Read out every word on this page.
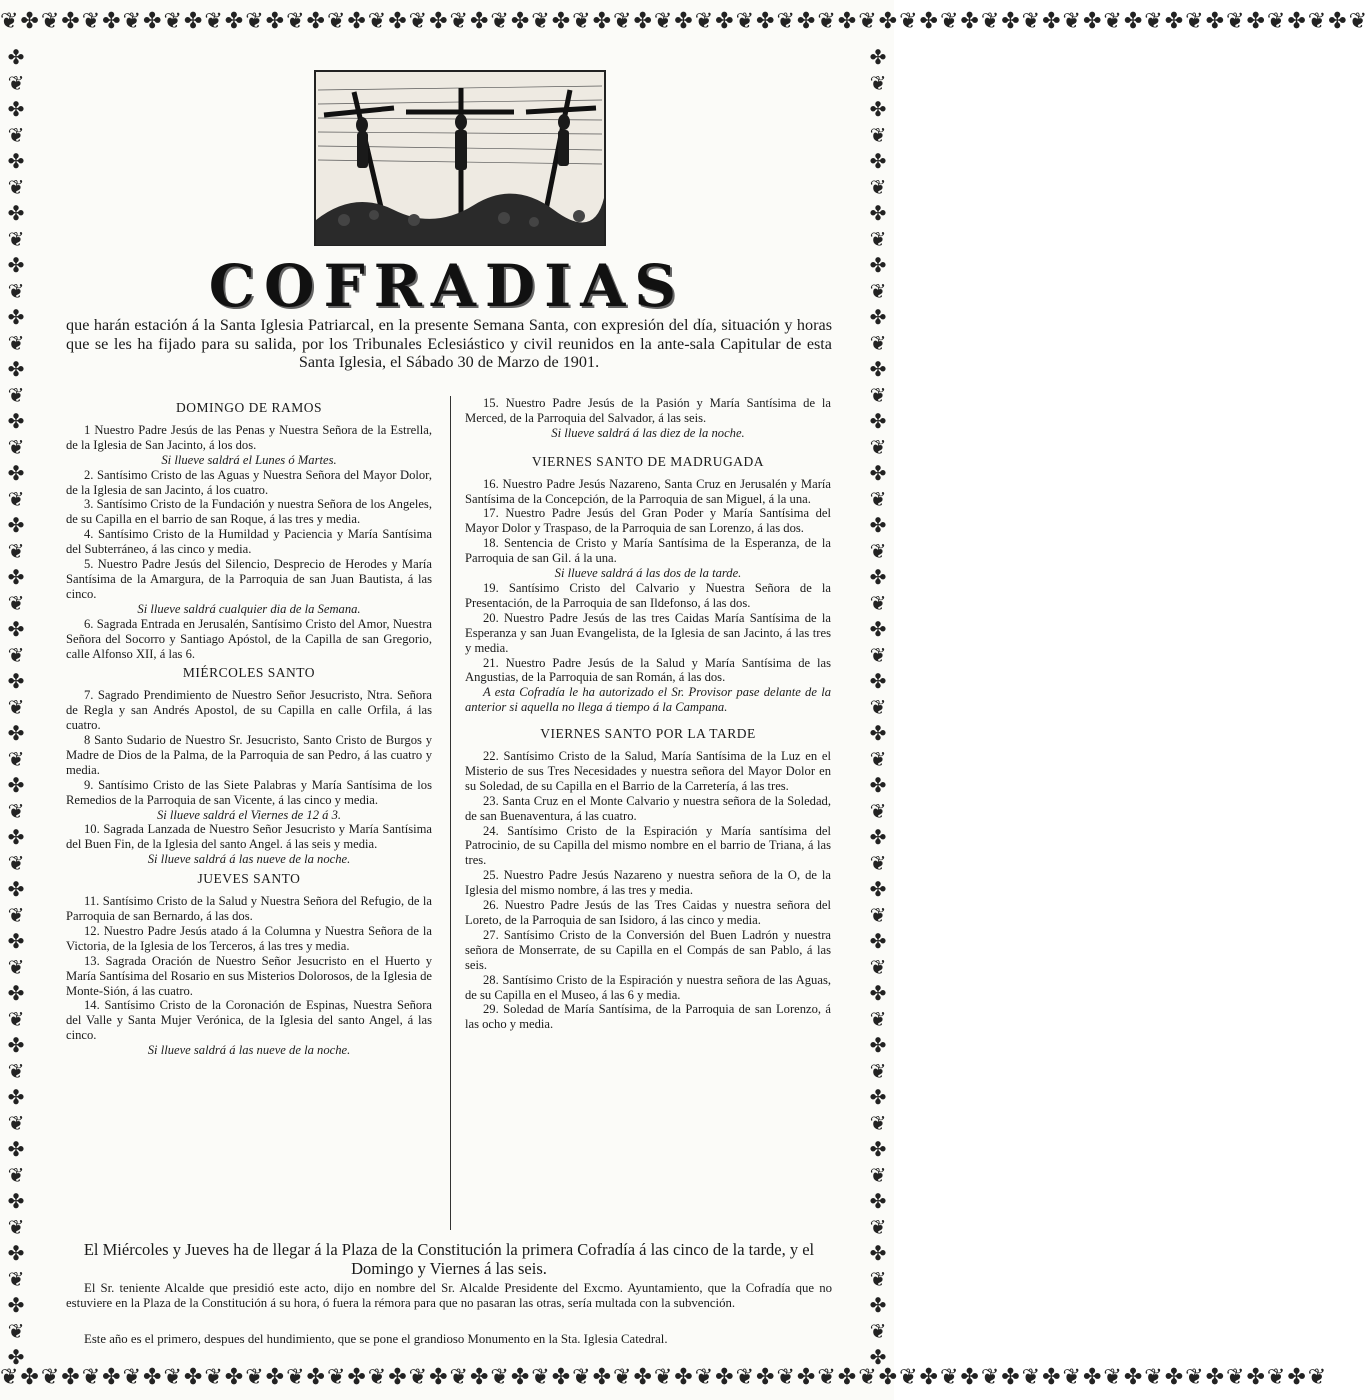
❦✤❦✤❦✤❦✤❦✤❦✤❦✤❦✤❦✤❦✤❦✤❦✤❦✤❦✤❦✤❦✤❦✤❦✤❦✤❦✤❦✤❦✤❦✤❦✤❦✤❦✤❦✤❦✤❦✤❦✤❦✤❦✤❦✤❦
❦✤❦✤❦✤❦✤❦✤❦✤❦✤❦✤❦✤❦✤❦✤❦✤❦✤❦✤❦✤❦✤❦✤❦✤❦✤❦✤❦✤❦✤❦✤❦✤❦✤❦✤❦✤❦✤❦✤❦✤❦✤❦✤❦
✤
❦
✤
❦
✤
❦
✤
❦
✤
❦
✤
❦
✤
❦
✤
❦
✤
❦
✤
❦
✤
❦
✤
❦
✤
❦
✤
❦
✤
❦
✤
❦
✤
❦
✤
❦
✤
❦
✤
❦
✤
❦
✤
❦
✤
❦
✤
❦
✤
❦
✤
✤
❦
✤
❦
✤
❦
✤
❦
✤
❦
✤
❦
✤
❦
✤
❦
✤
❦
✤
❦
✤
❦
✤
❦
✤
❦
✤
❦
✤
❦
✤
❦
✤
❦
✤
❦
✤
❦
✤
❦
✤
❦
✤
❦
✤
❦
✤
❦
✤
❦
✤
COFRADIAS
que harán estación á la Santa Iglesia Patriarcal, en la presente Semana Santa, con expresión del día, situación y horas que se les ha fijado para su salida, por los Tribunales Eclesiástico y civil reunidos en la ante-sala Capitular de esta Santa Iglesia, el Sábado 30 de Marzo de 1901.
DOMINGO DE RAMOS
1 Nuestro Padre Jesús de las Penas y Nuestra Señora de la Estrella, de la Iglesia de San Jacinto, á los dos.
Si llueve saldrá el Lunes ó Martes.
2. Santísimo Cristo de las Aguas y Nuestra Señora del Mayor Dolor, de la Iglesia de san Jacinto, á los cuatro.
3. Santísimo Cristo de la Fundación y nuestra Señora de los Angeles, de su Capilla en el barrio de san Roque, á las tres y media.
4. Santísimo Cristo de la Humildad y Paciencia y María Santísima del Subterráneo, á las cinco y media.
5. Nuestro Padre Jesús del Silencio, Desprecio de Herodes y María Santísima de la Amargura, de la Parroquia de san Juan Bautista, á las cinco.
Si llueve saldrá cualquier dia de la Semana.
6. Sagrada Entrada en Jerusalén, Santísimo Cristo del Amor, Nuestra Señora del Socorro y Santiago Apóstol, de la Capilla de san Gregorio, calle Alfonso XII, á las 6.
MIÉRCOLES SANTO
7. Sagrado Prendimiento de Nuestro Señor Jesucristo, Ntra. Señora de Regla y san Andrés Apostol, de su Capilla en calle Orfila, á las cuatro.
8 Santo Sudario de Nuestro Sr. Jesucristo, Santo Cristo de Burgos y Madre de Dios de la Palma, de la Parroquia de san Pedro, á las cuatro y media.
9. Santísimo Cristo de las Siete Palabras y María Santísima de los Remedios de la Parroquia de san Vicente, á las cinco y media.
Si llueve saldrá el Viernes de 12 á 3.
10. Sagrada Lanzada de Nuestro Señor Jesucristo y María Santísima del Buen Fin, de la Iglesia del santo Angel. á las seis y media.
Si llueve saldrá á las nueve de la noche.
JUEVES SANTO
11. Santísimo Cristo de la Salud y Nuestra Señora del Refugio, de la Parroquia de san Bernardo, á las dos.
12. Nuestro Padre Jesús atado á la Columna y Nuestra Señora de la Victoria, de la Iglesia de los Terceros, á las tres y media.
13. Sagrada Oración de Nuestro Señor Jesucristo en el Huerto y María Santísima del Rosario en sus Misterios Dolorosos, de la Iglesia de Monte-Sión, á las cuatro.
14. Santísimo Cristo de la Coronación de Espinas, Nuestra Señora del Valle y Santa Mujer Verónica, de la Iglesia del santo Angel, á las cinco.
Si llueve saldrá á las nueve de la noche.
15. Nuestro Padre Jesús de la Pasión y María Santísima de la Merced, de la Parroquia del Salvador, á las seis.
Si llueve saldrá á las diez de la noche.
VIERNES SANTO DE MADRUGADA
16. Nuestro Padre Jesús Nazareno, Santa Cruz en Jerusalén y María Santísima de la Concepción, de la Parroquia de san Miguel, á la una.
17. Nuestro Padre Jesús del Gran Poder y María Santísima del Mayor Dolor y Traspaso, de la Parroquia de san Lorenzo, á las dos.
18. Sentencia de Cristo y María Santísima de la Esperanza, de la Parroquia de san Gil. á la una.
Si llueve saldrá á las dos de la tarde.
19. Santísimo Cristo del Calvario y Nuestra Señora de la Presentación, de la Parroquia de san Ildefonso, á las dos.
20. Nuestro Padre Jesús de las tres Caidas María Santísima de la Esperanza y san Juan Evangelista, de la Iglesia de san Jacinto, á las tres y media.
21. Nuestro Padre Jesús de la Salud y María Santísima de las Angustias, de la Parroquia de san Román, á las dos.
A esta Cofradía le ha autorizado el Sr. Provisor pase delante de la anterior si aquella no llega á tiempo á la Campana.
VIERNES SANTO POR LA TARDE
22. Santísimo Cristo de la Salud, María Santísima de la Luz en el Misterio de sus Tres Necesidades y nuestra señora del Mayor Dolor en su Soledad, de su Capilla en el Barrio de la Carretería, á las tres.
23. Santa Cruz en el Monte Calvario y nuestra señora de la Soledad, de san Buenaventura, á las cuatro.
24. Santísimo Cristo de la Espiración y María santísima del Patrocinio, de su Capilla del mismo nombre en el barrio de Triana, á las tres.
25. Nuestro Padre Jesús Nazareno y nuestra señora de la O, de la Iglesia del mismo nombre, á las tres y media.
26. Nuestro Padre Jesús de las Tres Caidas y nuestra señora del Loreto, de la Parroquia de san Isidoro, á las cinco y media.
27. Santísimo Cristo de la Conversión del Buen Ladrón y nuestra señora de Monserrate, de su Capilla en el Compás de san Pablo, á las seis.
28. Santísimo Cristo de la Espiración y nuestra señora de las Aguas, de su Capilla en el Museo, á las 6 y media.
29. Soledad de María Santísima, de la Parroquia de san Lorenzo, á las ocho y media.
El Miércoles y Jueves ha de llegar á la Plaza de la Constitución la primera Cofradía á las cinco de la tarde, y el Domingo y Viernes á las seis.
El Sr. teniente Alcalde que presidió este acto, dijo en nombre del Sr. Alcalde Presidente del Excmo. Ayuntamiento, que la Cofradía que no estuviere en la Plaza de la Constitución á su hora, ó fuera la rémora para que no pasaran las otras, sería multada con la subvención.
Este año es el primero, despues del hundimiento, que se pone el grandioso Monumento en la Sta. Iglesia Catedral.
